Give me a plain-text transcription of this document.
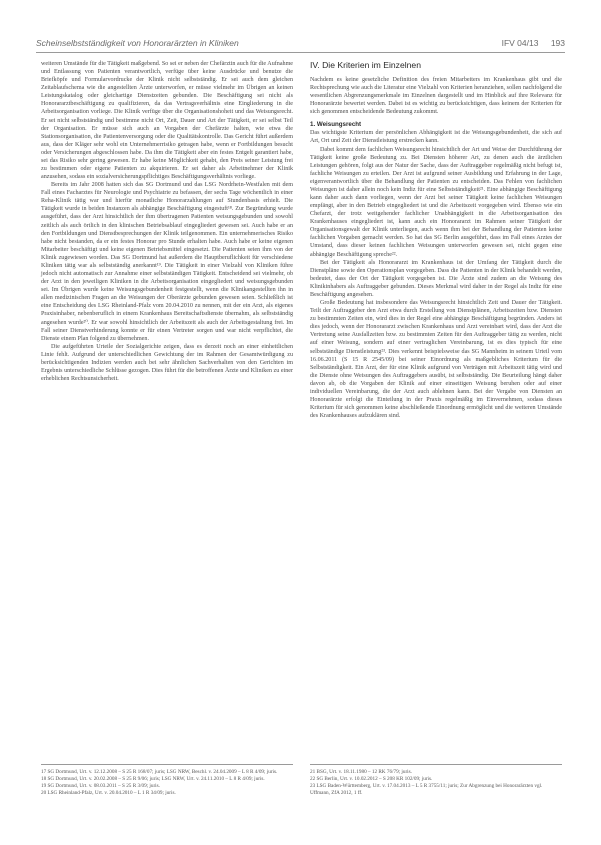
Scheinselbstständigkeit von Honorarärzten in Kliniken	IFV 04/13 193

weiteren Umstände für die Tätigkeit maßgebend. So sei er neben der Chefärztin auch für die Aufnahme und Entlassung von Patienten verantwortlich, verfüge über keine Ausdrücke und benutze die Briefköpfe und Formularvordrucke der Klinik nicht selbstständig. Er sei auch dem gleichen Zeitablaufschema wie die angestellten Ärzte unterworfen, er müsse vielmehr im Übrigen an keinen Leistungskatalog oder gleichartige Dienstzeiten gebunden. Die Beschäftigung sei nicht als Honorararztbeschäftigung zu qualifizieren, da das Vertragsverhältnis eine Eingliederung in die Arbeitsorganisation vorliege. Die Klinik verfüge über die Organisationshoheit und das Weisungsrecht. Er sei nicht selbstständig und bestimme nicht Ort, Zeit, Dauer und Art der Tätigkeit, er sei selbst Teil der Organisation. Er müsse sich auch an Vorgaben der Chefärzte halten, wie etwa die Stationsorganisation, die Patientenversorgung oder die Qualitätskontrolle. Das Gericht führt außerdem aus, dass der Kläger sehr wohl ein Unternehmerrisiko getragen habe, wenn er Fortbildungen besucht oder Versicherungen abgeschlossen habe. Da ihm die Tätigkeit aber ein festes Entgelt garantiert habe, sei das Risiko sehr gering gewesen. Er habe keine Möglichkeit gehabt, den Preis seiner Leistung frei zu bestimmen oder eigene Patienten zu akquirieren. Er sei daher als Arbeitnehmer der Klinik anzusehen, sodass ein sozialversicherungspflichtiges Beschäftigungsverhältnis vorliege.

Bereits im Jahr 2008 hatten sich das SG Dortmund und das LSG Nordrhein-Westfalen mit dem Fall eines Facharztes für Neurologie und Psychiatrie zu befassen, der sechs Tage wöchentlich in einer Reha-Klinik tätig war und hierfür monatliche Honorarzahlungen auf Stundenbasis erhielt. Die Tätigkeit wurde in beiden Instanzen als abhängige Beschäftigung eingestuft¹⁸. Zur Begründung wurde ausgeführt, dass der Arzt hinsichtlich der ihm übertragenen Patienten weisungsgebunden und sowohl zeitlich als auch örtlich in den klinischen Betriebsablauf eingegliedert gewesen sei. Auch habe er an den Fortbildungen und Dienstbesprechungen der Klinik teilgenommen. Ein unternehmerisches Risiko habe nicht bestanden, da er ein festes Honorar pro Stunde erhalten habe. Auch habe er keine eigenen Mitarbeiter beschäftigt und keine eigenen Betriebsmittel eingesetzt. Die Patienten seien ihm von der Klinik zugewiesen worden. Das SG Dortmund hat außerdem die Hauptberuflichkeit für verschiedene Kliniken tätig war als selbstständig anerkannt¹⁹. Die Tätigkeit in einer Vielzahl von Kliniken führe jedoch nicht automatisch zur Annahme einer selbstständigen Tätigkeit. Entscheidend sei vielmehr, ob der Arzt in den jeweiligen Kliniken in die Arbeitsorganisation eingegliedert und weisungsgebunden sei. Im Übrigen wurde keine Weisungsgebundenheit festgestellt, wenn die Klinikangestellten ihn in allen medizinischen Fragen an die Weisungen der Oberärzte gebunden gewesen seien. Schließlich ist eine Entscheidung des LSG Rheinland-Pfalz vom 20.04.2010 zu nennen, mit der ein Arzt, als eigenes Praxisinhaber, nebenberuflich in einem Krankenhaus Bereitschaftsdienste übernahm, als selbstständig angesehen wurde²⁰. Er war sowohl hinsichtlich der Arbeitszeit als auch der Arbeitsgestaltung frei. Im Fall seiner Dienstverhinderung konnte er für einen Vertreter sorgen und war nicht verpflichtet, die Dienste einem Plan folgend zu übernehmen.

Die aufgeführten Urteile der Sozialgerichte zeigen, dass es derzeit noch an einer einheitlichen Linie fehlt. Aufgrund der unterschiedlichen Gewichtung der im Rahmen der Gesamtwürdigung zu berücksichtigenden Indizien werden auch bei sehr ähnlichen Sachverhalten von den Gerichten im Ergebnis unterschiedliche Schlüsse gezogen. Dies führt für die betroffenen Ärzte und Kliniken zu einer erheblichen Rechtsunsicherheit.

IV. Die Kriterien im Einzelnen

Nachdem es keine gesetzliche Definition des freien Mitarbeiters im Krankenhaus gibt und die Rechtsprechung wie auch die Literatur eine Vielzahl von Kriterien heranziehen, sollen nachfolgend die wesentlichen Abgrenzungsmerkmale im Einzelnen dargestellt und im Hinblick auf ihre Relevanz für Honorarärzte bewertet werden. Dabei ist es wichtig zu berücksichtigen, dass keinem der Kriterien für sich genommen entscheidende Bedeutung zukommt.

1. Weisungsrecht

Das wichtigste Kriterium der persönlichen Abhängigkeit ist die Weisungsgebundenheit, die sich auf Art, Ort und Zeit der Dienstleistung erstrecken kann.

Dabei kommt dem fachlichen Weisungsrecht hinsichtlich der Art und Weise der Durchführung der Tätigkeit keine große Bedeutung zu. Bei Diensten höherer Art, zu denen auch die ärztlichen Leistungen gehören, folgt aus der Natur der Sache, dass der Auftraggeber regelmäßig nicht befugt ist, fachliche Weisungen zu erteilen. Der Arzt ist aufgrund seiner Ausbildung und Erfahrung in der Lage, eigenverantwortlich über die Behandlung der Patienten zu entscheiden. Das Fehlen von fachlichen Weisungen ist daher allein noch kein Indiz für eine Selbstständigkeit²¹. Eine abhängige Beschäftigung kann daher auch dann vorliegen, wenn der Arzt bei seiner Tätigkeit keine fachlichen Weisungen empfängt, aber in den Betrieb eingegliedert ist und die Arbeitszeit vorgegeben wird. Ebenso wie ein Chefarzt, der trotz weitgehender fachlicher Unabhängigkeit in die Arbeitsorganisation des Krankenhauses eingegliedert ist, kann auch ein Honorararzt im Rahmen seiner Tätigkeit der Organisationsgewalt der Klinik unterliegen, auch wenn ihm bei der Behandlung der Patienten keine fachlichen Vorgaben gemacht werden. So hat das SG Berlin ausgeführt, dass im Fall eines Arztes der Umstand, dass dieser keinen fachlichen Weisungen unterworfen gewesen sei, nicht gegen eine abhängige Beschäftigung spreche²².

Bei der Tätigkeit als Honorararzt im Krankenhaus ist der Umfang der Tätigkeit durch die Dienstpläne sowie den Operationsplan vorgegeben. Dass die Patienten in der Klinik behandelt werden, bedeutet, dass der Ort der Tätigkeit vorgegeben ist. Die Ärzte sind zudem an die Weisung des Klinikinhabers als Auftraggeber gebunden. Dieses Merkmal wird daher in der Regel als Indiz für eine Beschäftigung angesehen.

Große Bedeutung hat insbesondere das Weisungsrecht hinsichtlich Zeit und Dauer der Tätigkeit. Teilt der Auftraggeber den Arzt etwa durch Erstellung von Dienstplänen, Arbeitszeiten bzw. Diensten zu bestimmten Zeiten ein, wird dies in der Regel eine abhängige Beschäftigung begründen. Anders ist dies jedoch, wenn der Honorararzt zwischen Krankenhaus und Arzt vereinbart wird, dass der Arzt die Vertretung seine Ausfallzeiten bzw. zu bestimmten Zeiten für den Auftraggeber tätig zu werden, nicht auf einer Weisung, sondern auf einer vertraglichen Vereinbarung, ist es dies typisch für eine selbstständige Dienstleistung²³. Dies verkennt beispielsweise das SG Mannheim in seinem Urteil vom 16.06.2011 (S 15 R 2545/09) bei seiner Einordnung als maßgebliches Kriterium für die Selbstständigkeit. Ein Arzt, der für eine Klinik aufgrund von Verträgen mit Arbeitszeit tätig wird und die Dienste ohne Weisungen des Auftraggebers ausübt, ist selbstständig. Die Beurteilung hängt daher davon ab, ob die Vorgaben der Klinik auf einer einseitigen Weisung beruhen oder auf einer individuellen Vereinbarung, die der Arzt auch ablehnen kann. Bei der Vergabe von Diensten an Honorarärzte erfolgt die Einteilung in der Praxis regelmäßig im Einvernehmen, sodass dieses Kriterium für sich genommen keine abschließende Einordnung ermöglicht und die weiteren Umstände des Krankenhauses aufzuklären sind.

17 SG Dortmund, Urt. v. 12.12.2008 – S 25 R 168/07; juris; LSG NRW, Beschl. v. 24.04.2009 – L 8 R 4/09; juris.

18 SG Dortmund, Urt. v. 20.02.2008 – S 25 R 9/06; juris; LSG NRW, Urt. v. 24.11.2010 – L 8 R 4/09; juris.

19 SG Dortmund, Urt. v. 08.03.2011 – S 25 R 3/09; juris.

20 LSG Rheinland-Pfalz, Urt. v. 20.04.2010 – L 1 R 34/09; juris.

21 BSG, Urt. v. 18.11.1980 – 12 RK 76/79; juris.

22 SG Berlin, Urt. v. 10.02.2012 – S 208 KR 102/09; juris.

23 LSG Baden-Württemberg, Urt. v. 17.04.2013 – L 5 R 3755/11; juris; Zur Abgrenzung bei Honorarärzten vgl. Uffmann, ZfA 2012, 1 ff.
